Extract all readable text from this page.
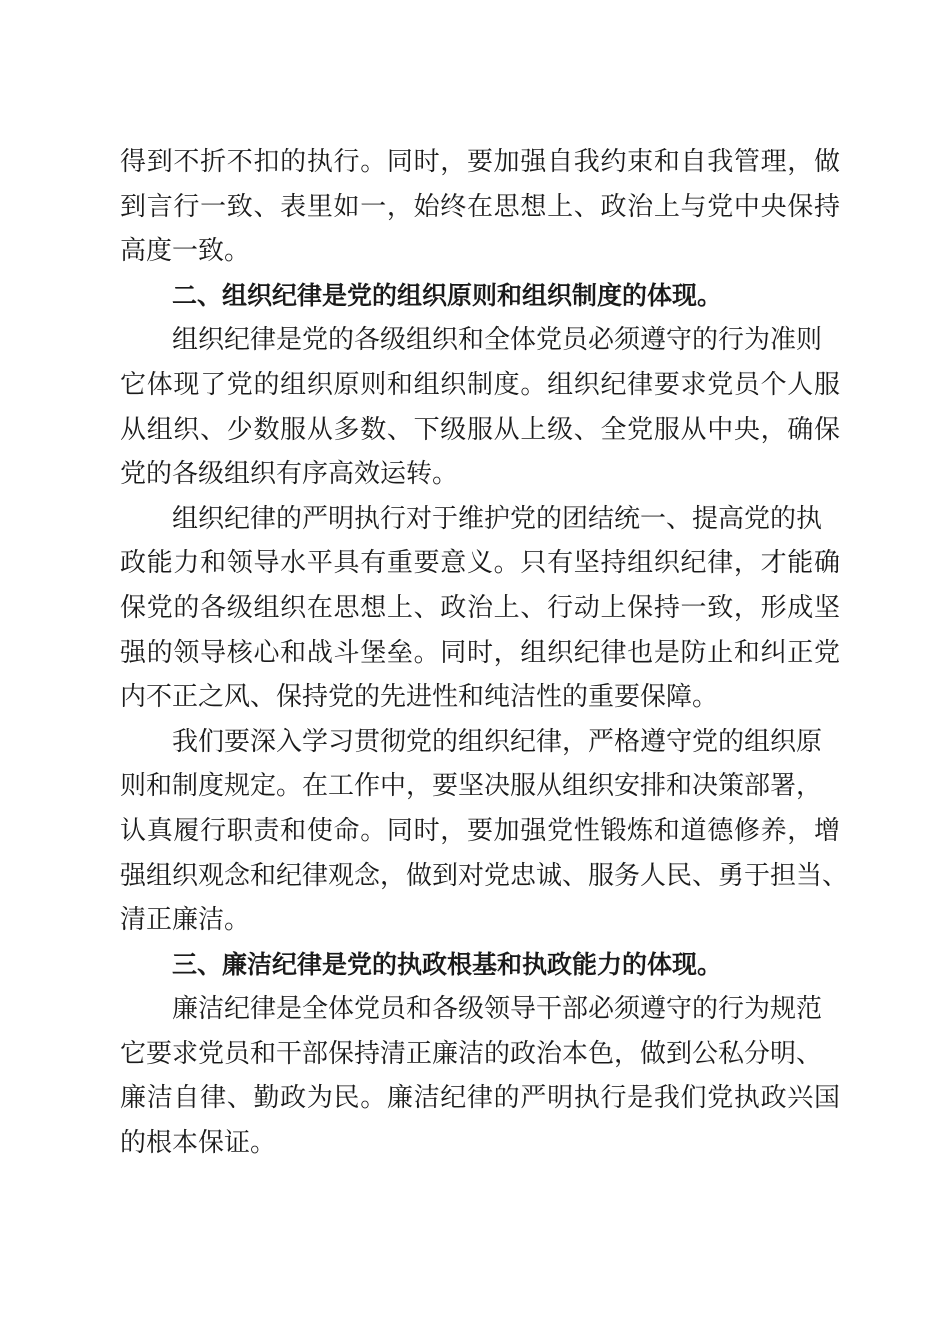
得到不折不扣的执行。同时，要加强自我约束和自我管理，做
到言行一致、表里如一，始终在思想上、政治上与党中央保持
高度一致。
二、组织纪律是党的组织原则和组织制度的体现。
组织纪律是党的各级组织和全体党员必须遵守的行为准则
它体现了党的组织原则和组织制度。组织纪律要求党员个人服
从组织、少数服从多数、下级服从上级、全党服从中央，确保
党的各级组织有序高效运转。
组织纪律的严明执行对于维护党的团结统一、提高党的执
政能力和领导水平具有重要意义。只有坚持组织纪律，才能确
保党的各级组织在思想上、政治上、行动上保持一致，形成坚
强的领导核心和战斗堡垒。同时，组织纪律也是防止和纠正党
内不正之风、保持党的先进性和纯洁性的重要保障。
我们要深入学习贯彻党的组织纪律，严格遵守党的组织原
则和制度规定。在工作中，要坚决服从组织安排和决策部署，
认真履行职责和使命。同时，要加强党性锻炼和道德修养，增
强组织观念和纪律观念，做到对党忠诚、服务人民、勇于担当、
清正廉洁。
三、廉洁纪律是党的执政根基和执政能力的体现。
廉洁纪律是全体党员和各级领导干部必须遵守的行为规范
它要求党员和干部保持清正廉洁的政治本色，做到公私分明、
廉洁自律、勤政为民。廉洁纪律的严明执行是我们党执政兴国
的根本保证。
